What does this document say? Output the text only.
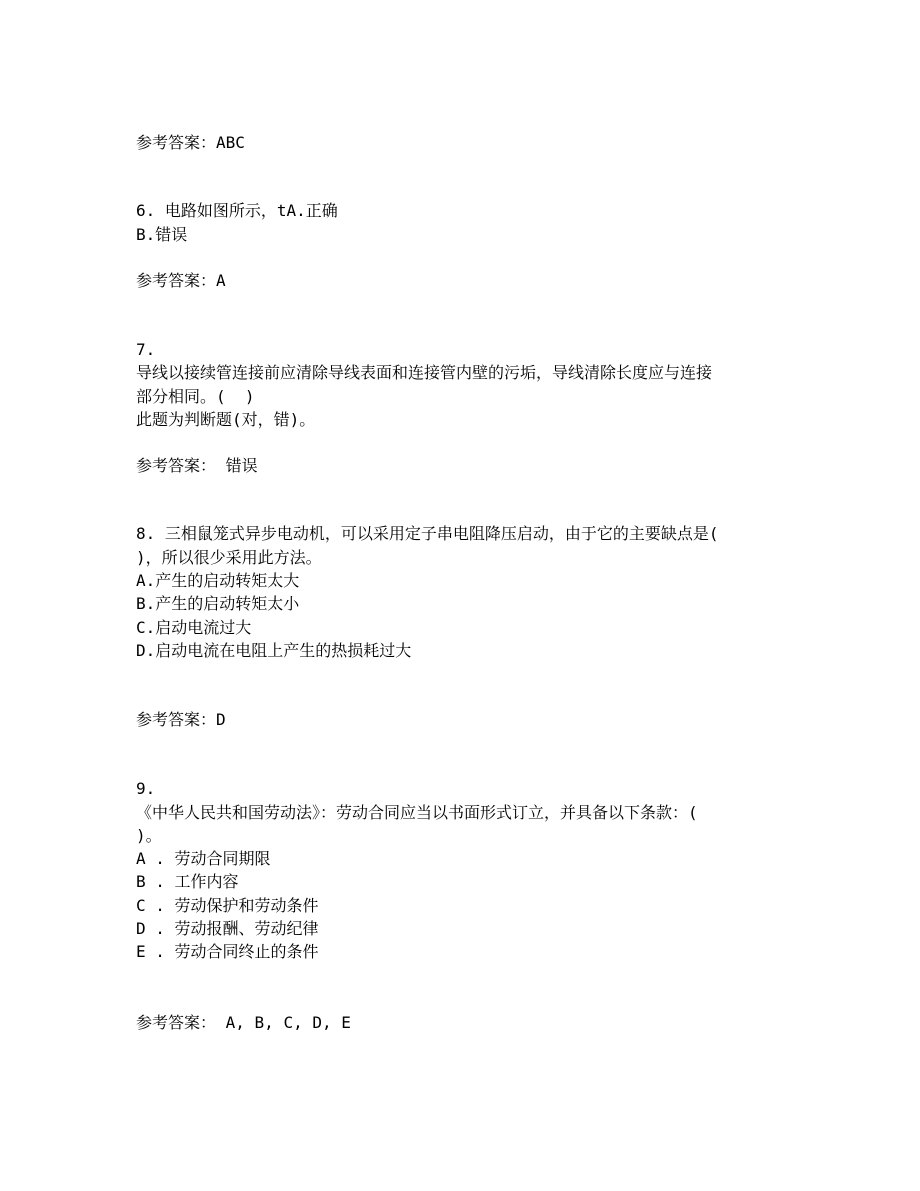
参考答案：ABC
6. 电路如图所示，tA.正确
B.错误
参考答案：A
7.
导线以接续管连接前应清除导线表面和连接管内壁的污垢，导线清除长度应与连接
部分相同。(  )
此题为判断题(对，错)。
参考答案： 错误
8. 三相鼠笼式异步电动机，可以采用定子串电阻降压启动，由于它的主要缺点是(
)，所以很少采用此方法。
A.产生的启动转矩太大
B.产生的启动转矩太小
C.启动电流过大
D.启动电流在电阻上产生的热损耗过大
参考答案：D
9.
《中华人民共和国劳动法》：劳动合同应当以书面形式订立，并具备以下条款：(
)。
A . 劳动合同期限
B . 工作内容
C . 劳动保护和劳动条件
D . 劳动报酬、劳动纪律
E . 劳动合同终止的条件
参考答案： A, B, C, D, E
